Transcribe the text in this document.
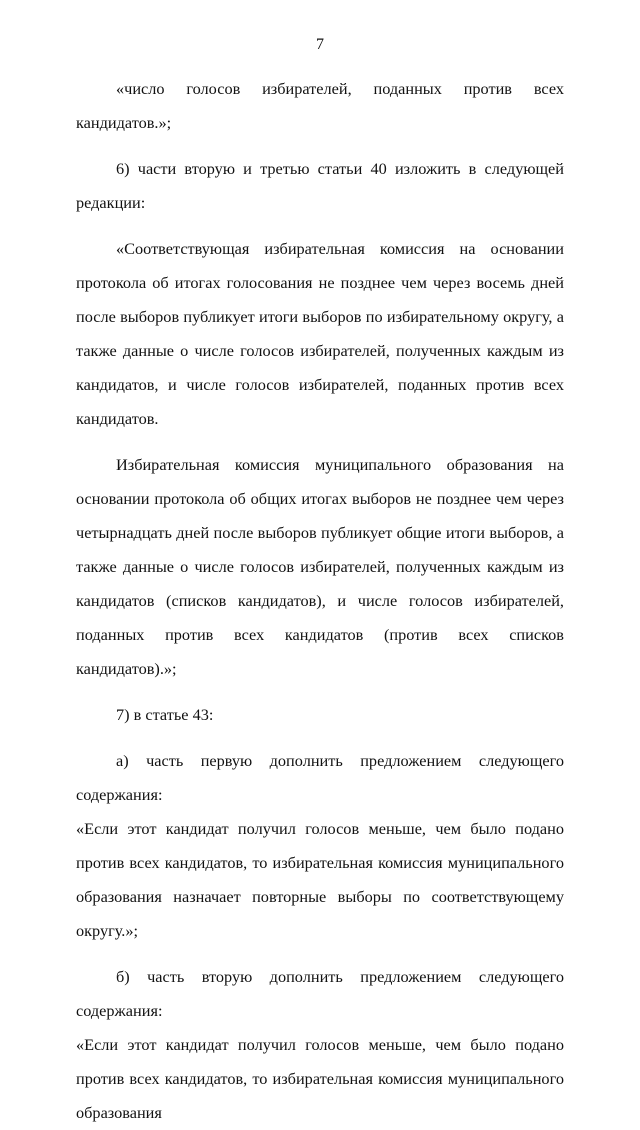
7

«число голосов избирателей, поданных против всех кандидатов.»;

6) части вторую и третью статьи 40 изложить в следующей редакции:

«Соответствующая избирательная комиссия на основании протокола об итогах голосования не позднее чем через восемь дней после выборов публикует итоги выборов по избирательному округу, а также данные о числе голосов избирателей, полученных каждым из кандидатов, и числе голосов избирателей, поданных против всех кандидатов.

Избирательная комиссия муниципального образования на основании протокола об общих итогах выборов не позднее чем через четырнадцать дней после выборов публикует общие итоги выборов, а также данные о числе голосов избирателей, полученных каждым из кандидатов (списков кандидатов), и числе голосов избирателей, поданных против всех кандидатов (против всех списков кандидатов).»;

7) в статье 43:

а) часть первую дополнить предложением следующего содержания:

«Если этот кандидат получил голосов меньше, чем было подано против всех кандидатов, то избирательная комиссия муниципального образования назначает повторные выборы по соответствующему округу.»;

б) часть вторую дополнить предложением следующего содержания:

«Если этот кандидат получил голосов меньше, чем было подано против всех кандидатов, то избирательная комиссия муниципального образования
